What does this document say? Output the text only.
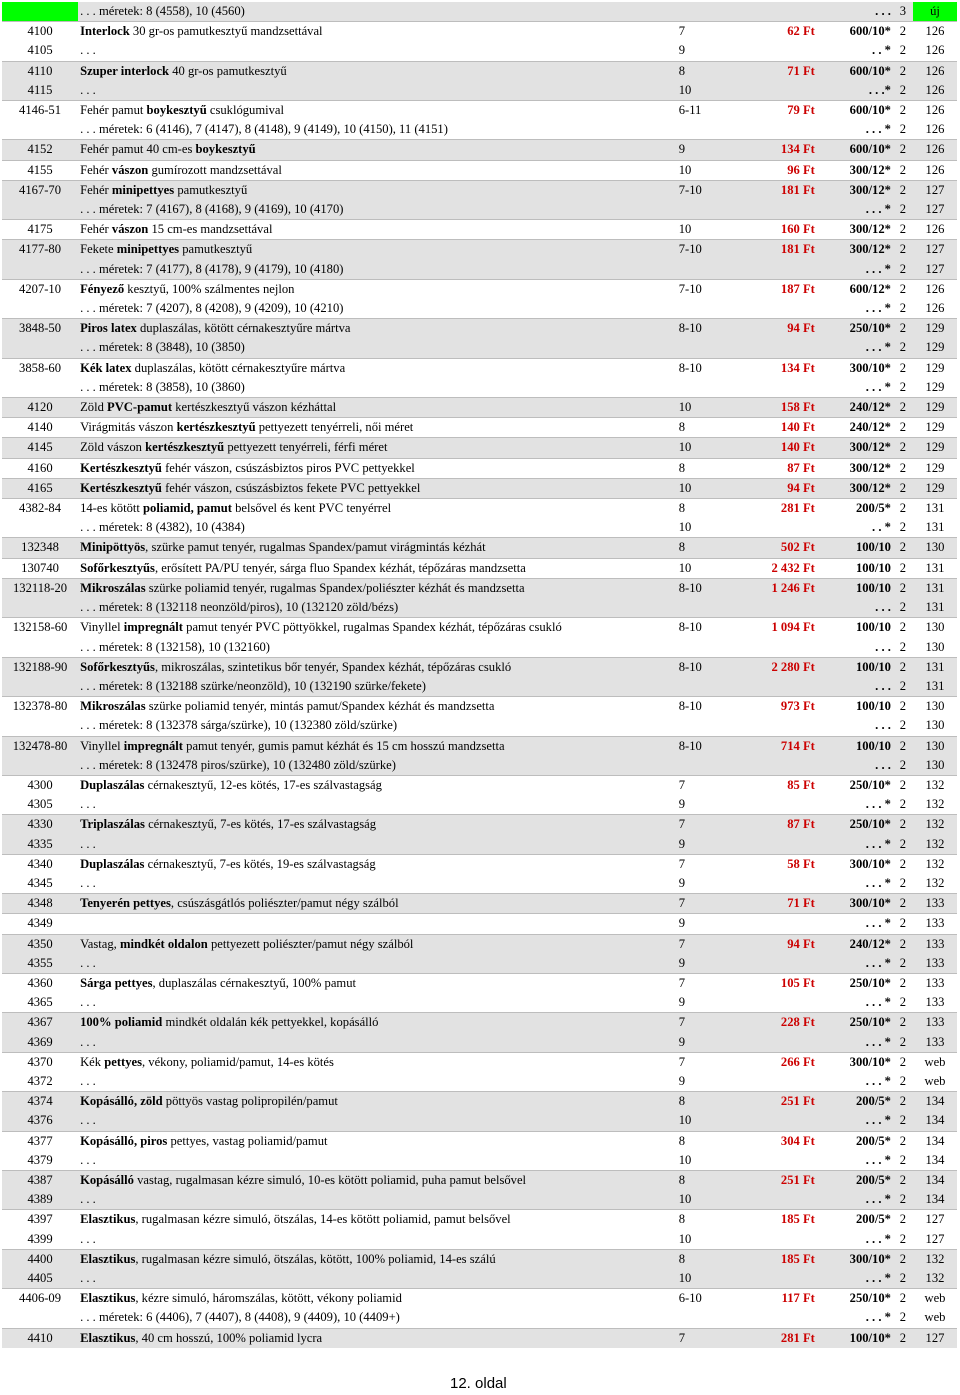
	. . . méretek: 8 (4558), 10 (4560)			. . .	3	új
4100	Interlock 30 gr-os pamutkesztyű mandzsettával	7	62 Ft	600/10*	2	126
4105	. . .	9		. . *	2	126
4110	Szuper interlock 40 gr-os pamutkesztyű	8	71 Ft	600/10*	2	126
4115	. . .	10		. . .*	2	126
4146-51	Fehér pamut boykesztyű csuklógumival	6-11	79 Ft	600/10*	2	126
	. . . méretek: 6 (4146), 7 (4147), 8 (4148), 9 (4149), 10 (4150), 11 (4151)			. . . *	2	126
4152	Fehér pamut 40 cm-es boykesztyű	9	134 Ft	600/10*	2	126
4155	Fehér vászon gumírozott mandzsettával	10	96 Ft	300/12*	2	126
4167-70	Fehér minipettyes pamutkesztyű	7-10	181 Ft	300/12*	2	127
	. . . méretek: 7 (4167), 8 (4168), 9 (4169), 10 (4170)			. . . *	2	127
4175	Fehér vászon 15 cm-es mandzsettával	10	160 Ft	300/12*	2	126
4177-80	Fekete minipettyes pamutkesztyű	7-10	181 Ft	300/12*	2	127
	. . . méretek: 7 (4177), 8 (4178), 9 (4179), 10 (4180)			. . . *	2	127
4207-10	Fényező kesztyű, 100% szálmentes nejlon	7-10	187 Ft	600/12*	2	126
	. . . méretek: 7 (4207), 8 (4208), 9 (4209), 10 (4210)			. . . *	2	126
3848-50	Piros latex duplaszálas, kötött cérnakesztyűre mártva	8-10	94 Ft	250/10*	2	129
	. . . méretek: 8 (3848), 10 (3850)			. . . *	2	129
3858-60	Kék latex duplaszálas, kötött cérnakesztyűre mártva	8-10	134 Ft	300/10*	2	129
	. . . méretek: 8 (3858), 10 (3860)			. . . *	2	129
4120	Zöld PVC-pamut kertészkesztyű vászon kézháttal	10	158 Ft	240/12*	2	129
4140	Virágmitás vászon kertészkesztyű pettyezett tenyérreli, női méret	8	140 Ft	240/12*	2	129
4145	Zöld vászon kertészkesztyű pettyezett tenyérreli, férfi méret	10	140 Ft	300/12*	2	129
4160	Kertészkesztyű fehér vászon, csúszásbiztos piros PVC pettyekkel	8	87 Ft	300/12*	2	129
4165	Kertészkesztyű fehér vászon, csúszásbiztos fekete PVC pettyekkel	10	94 Ft	300/12*	2	129
4382-84	14-es kötött poliamid, pamut belsővel és kent PVC tenyérrel	8	281 Ft	200/5*	2	131
	. . . méretek: 8 (4382), 10 (4384)	10		. . *	2	131
132348	Minipöttyös, szürke pamut tenyér, rugalmas Spandex/pamut virágmintás kézhát	8	502 Ft	100/10	2	130
130740	Sofőrkesztyűs, erősített PA/PU tenyér, sárga fluo Spandex kézhát, tépőzáras mandzsetta	10	2 432 Ft	100/10	2	131
132118-20	Mikroszálas szürke poliamid tenyér, rugalmas Spandex/poliészter kézhát és mandzsetta	8-10	1 246 Ft	100/10	2	131
	. . . méretek: 8 (132118 neonzöld/piros), 10 (132120 zöld/bézs)			. . .	2	131
132158-60	Vinyllel impregnált pamut tenyér PVC pöttyökkel, rugalmas Spandex kézhát, tépőzáras csukló	8-10	1 094 Ft	100/10	2	130
	. . . méretek: 8 (132158), 10 (132160)			. . .	2	130
132188-90	Sofőrkesztyűs, mikroszálas, szintetikus bőr tenyér, Spandex kézhát, tépőzáras csukló	8-10	2 280 Ft	100/10	2	131
	. . . méretek: 8 (132188 szürke/neonzöld), 10 (132190 szürke/fekete)			. . .	2	131
132378-80	Mikroszálas szürke poliamid tenyér, mintás pamut/Spandex kézhát és mandzsetta	8-10	973 Ft	100/10	2	130
	. . . méretek: 8 (132378 sárga/szürke), 10 (132380 zöld/szürke)			. . .	2	130
132478-80	Vinyllel impregnált pamut tenyér, gumis pamut kézhát és 15 cm hosszú mandzsetta	8-10	714 Ft	100/10	2	130
	. . . méretek: 8 (132478 piros/szürke), 10 (132480 zöld/szürke)			. . .	2	130
4300	Duplaszálas cérnakesztyű, 12-es kötés, 17-es szálvastagság	7	85 Ft	250/10*	2	132
4305	. . .	9		. . . *	2	132
4330	Triplaszálas cérnakesztyű, 7-es kötés, 17-es szálvastagság	7	87 Ft	250/10*	2	132
4335	. . .	9		. . . *	2	132
4340	Duplaszálas cérnakesztyű, 7-es kötés, 19-es szálvastagság	7	58 Ft	300/10*	2	132
4345	. . .	9		. . . *	2	132
4348	Tenyerén pettyes, csúszásgátlós poliészter/pamut négy szálból	7	71 Ft	300/10*	2	133
4349		9		. . . *	2	133
4350	Vastag, mindkét oldalon pettyezett poliészter/pamut négy szálból	7	94 Ft	240/12*	2	133
4355	. . .	9		. . . *	2	133
4360	Sárga pettyes, duplaszálas cérnakesztyű, 100% pamut	7	105 Ft	250/10*	2	133
4365	. . .	9		. . . *	2	133
4367	100% poliamid mindkét oldalán kék pettyekkel, kopásálló	7	228 Ft	250/10*	2	133
4369	. . .	9		. . . *	2	133
4370	Kék pettyes, vékony, poliamid/pamut, 14-es kötés	7	266 Ft	300/10*	2	web
4372	. . .	9		. . . *	2	web
4374	Kopásálló, zöld pöttyös vastag polipropilén/pamut	8	251 Ft	200/5*	2	134
4376	. . .	10		. . . *	2	134
4377	Kopásálló, piros pettyes, vastag poliamid/pamut	8	304 Ft	200/5*	2	134
4379	. . .	10		. . . *	2	134
4387	Kopásálló vastag, rugalmasan kézre simuló, 10-es kötött poliamid, puha pamut belsővel	8	251 Ft	200/5*	2	134
4389	. . .	10		. . . *	2	134
4397	Elasztikus, rugalmasan kézre simuló, ötszálas, 14-es kötött poliamid, pamut belsővel	8	185 Ft	200/5*	2	127
4399	. . .	10		. . . *	2	127
4400	Elasztikus, rugalmasan kézre simuló, ötszálas, kötött, 100% poliamid, 14-es szálú	8	185 Ft	300/10*	2	132
4405	. . .	10		. . . *	2	132
4406-09	Elasztikus, kézre simuló, háromszálas, kötött, vékony poliamid	6-10	117 Ft	250/10*	2	web
	. . . méretek: 6 (4406), 7 (4407), 8 (4408), 9 (4409), 10 (4409+)			. . . *	2	web
4410	Elasztikus, 40 cm hosszú, 100% poliamid lycra	7	281 Ft	100/10*	2	127
12. oldal
